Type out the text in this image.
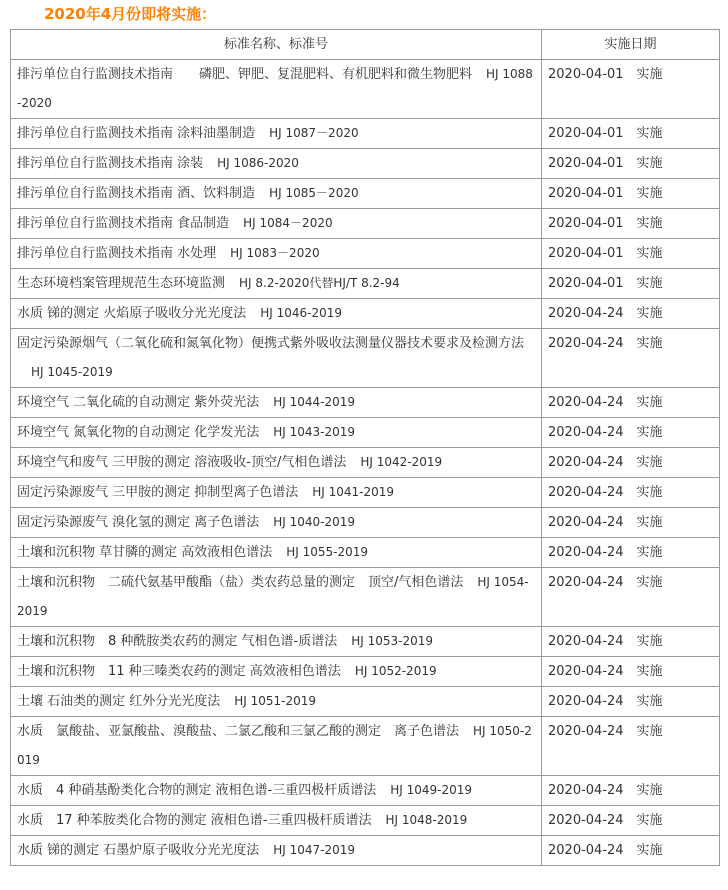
2020年4月份即将实施：
标准名称、标准号	实施日期
排污单位自行监测技术指南　　磷肥、钾肥、复混肥料、有机肥料和微生物肥料 HJ 1088-2020	2020-04-01　实施
排污单位自行监测技术指南 涂料油墨制造 HJ 1087－2020	2020-04-01　实施
排污单位自行监测技术指南 涂装 HJ 1086-2020	2020-04-01　实施
排污单位自行监测技术指南 酒、饮料制造 HJ 1085－2020	2020-04-01　实施
排污单位自行监测技术指南 食品制造 HJ 1084－2020	2020-04-01　实施
排污单位自行监测技术指南 水处理 HJ 1083－2020	2020-04-01　实施
生态环境档案管理规范生态环境监测 HJ 8.2-2020代替HJ/T 8.2-94	2020-04-01　实施
水质 锑的测定 火焰原子吸收分光光度法 HJ 1046-2019	2020-04-24　实施
固定污染源烟气（二氧化硫和氮氧化物）便携式紫外吸收法测量仪器技术要求及检测方法HJ 1045-2019	2020-04-24　实施
环境空气 二氧化硫的自动测定 紫外荧光法 HJ 1044-2019	2020-04-24　实施
环境空气 氮氧化物的自动测定 化学发光法 HJ 1043-2019	2020-04-24　实施
环境空气和废气 三甲胺的测定 溶液吸收-顶空/气相色谱法 HJ 1042-2019	2020-04-24　实施
固定污染源废气 三甲胺的测定 抑制型离子色谱法 HJ 1041-2019	2020-04-24　实施
固定污染源废气 溴化氢的测定 离子色谱法 HJ 1040-2019	2020-04-24　实施
土壤和沉积物 草甘膦的测定 高效液相色谱法 HJ 1055-2019	2020-04-24　实施
土壤和沉积物　二硫代氨基甲酸酯（盐）类农药总量的测定　顶空/气相色谱法 HJ 1054-2019	2020-04-24　实施
土壤和沉积物　8 种酰胺类农药的测定 气相色谱-质谱法 HJ 1053-2019	2020-04-24　实施
土壤和沉积物　11 种三嗪类农药的测定 高效液相色谱法 HJ 1052-2019	2020-04-24　实施
土壤 石油类的测定 红外分光光度法 HJ 1051-2019	2020-04-24　实施
水质　氯酸盐、亚氯酸盐、溴酸盐、二氯乙酸和三氯乙酸的测定　离子色谱法 HJ 1050-2019	2020-04-24　实施
水质　4 种硝基酚类化合物的测定 液相色谱-三重四极杆质谱法 HJ 1049-2019	2020-04-24　实施
水质　17 种苯胺类化合物的测定 液相色谱-三重四极杆质谱法 HJ 1048-2019	2020-04-24　实施
水质 锑的测定 石墨炉原子吸收分光光度法 HJ 1047-2019	2020-04-24　实施
